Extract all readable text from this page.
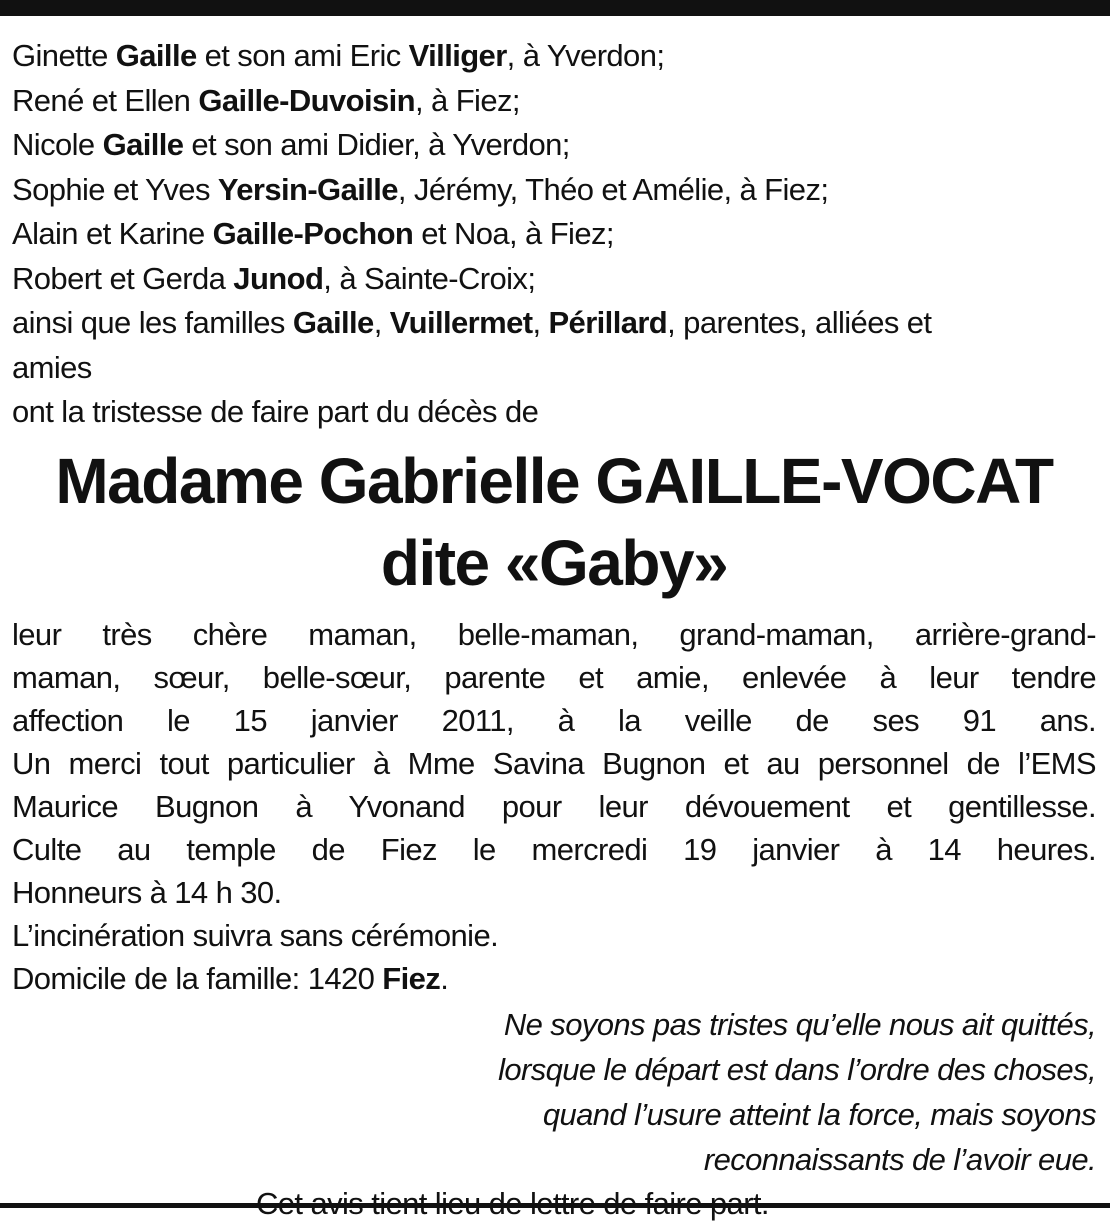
Ginette Gaille et son ami Eric Villiger, à Yverdon;
René et Ellen Gaille-Duvoisin, à Fiez;
Nicole Gaille et son ami Didier, à Yverdon;
Sophie et Yves Yersin-Gaille, Jérémy, Théo et Amélie, à Fiez;
Alain et Karine Gaille-Pochon et Noa, à Fiez;
Robert et Gerda Junod, à Sainte-Croix;
ainsi que les familles Gaille, Vuillermet, Périllard, parentes, alliées et
amies
ont la tristesse de faire part du décès de
Madame Gabrielle GAILLE-VOCAT
dite «Gaby»
leur très chère maman, belle-maman, grand-maman, arrière-grand-
maman, sœur, belle-sœur, parente et amie, enlevée à leur tendre
affection le 15 janvier 2011, à la veille de ses 91 ans.
Un merci tout particulier à Mme Savina Bugnon et au personnel de l’EMS
Maurice Bugnon à Yvonand pour leur dévouement et gentillesse.
Culte au temple de Fiez le mercredi 19 janvier à 14 heures.
Honneurs à 14 h 30.
L’incinération suivra sans cérémonie.
Domicile de la famille: 1420 Fiez.
Ne soyons pas tristes qu’elle nous ait quittés,
lorsque le départ est dans l’ordre des choses,
quand l’usure atteint la force, mais soyons
reconnaissants de l’avoir eue.
